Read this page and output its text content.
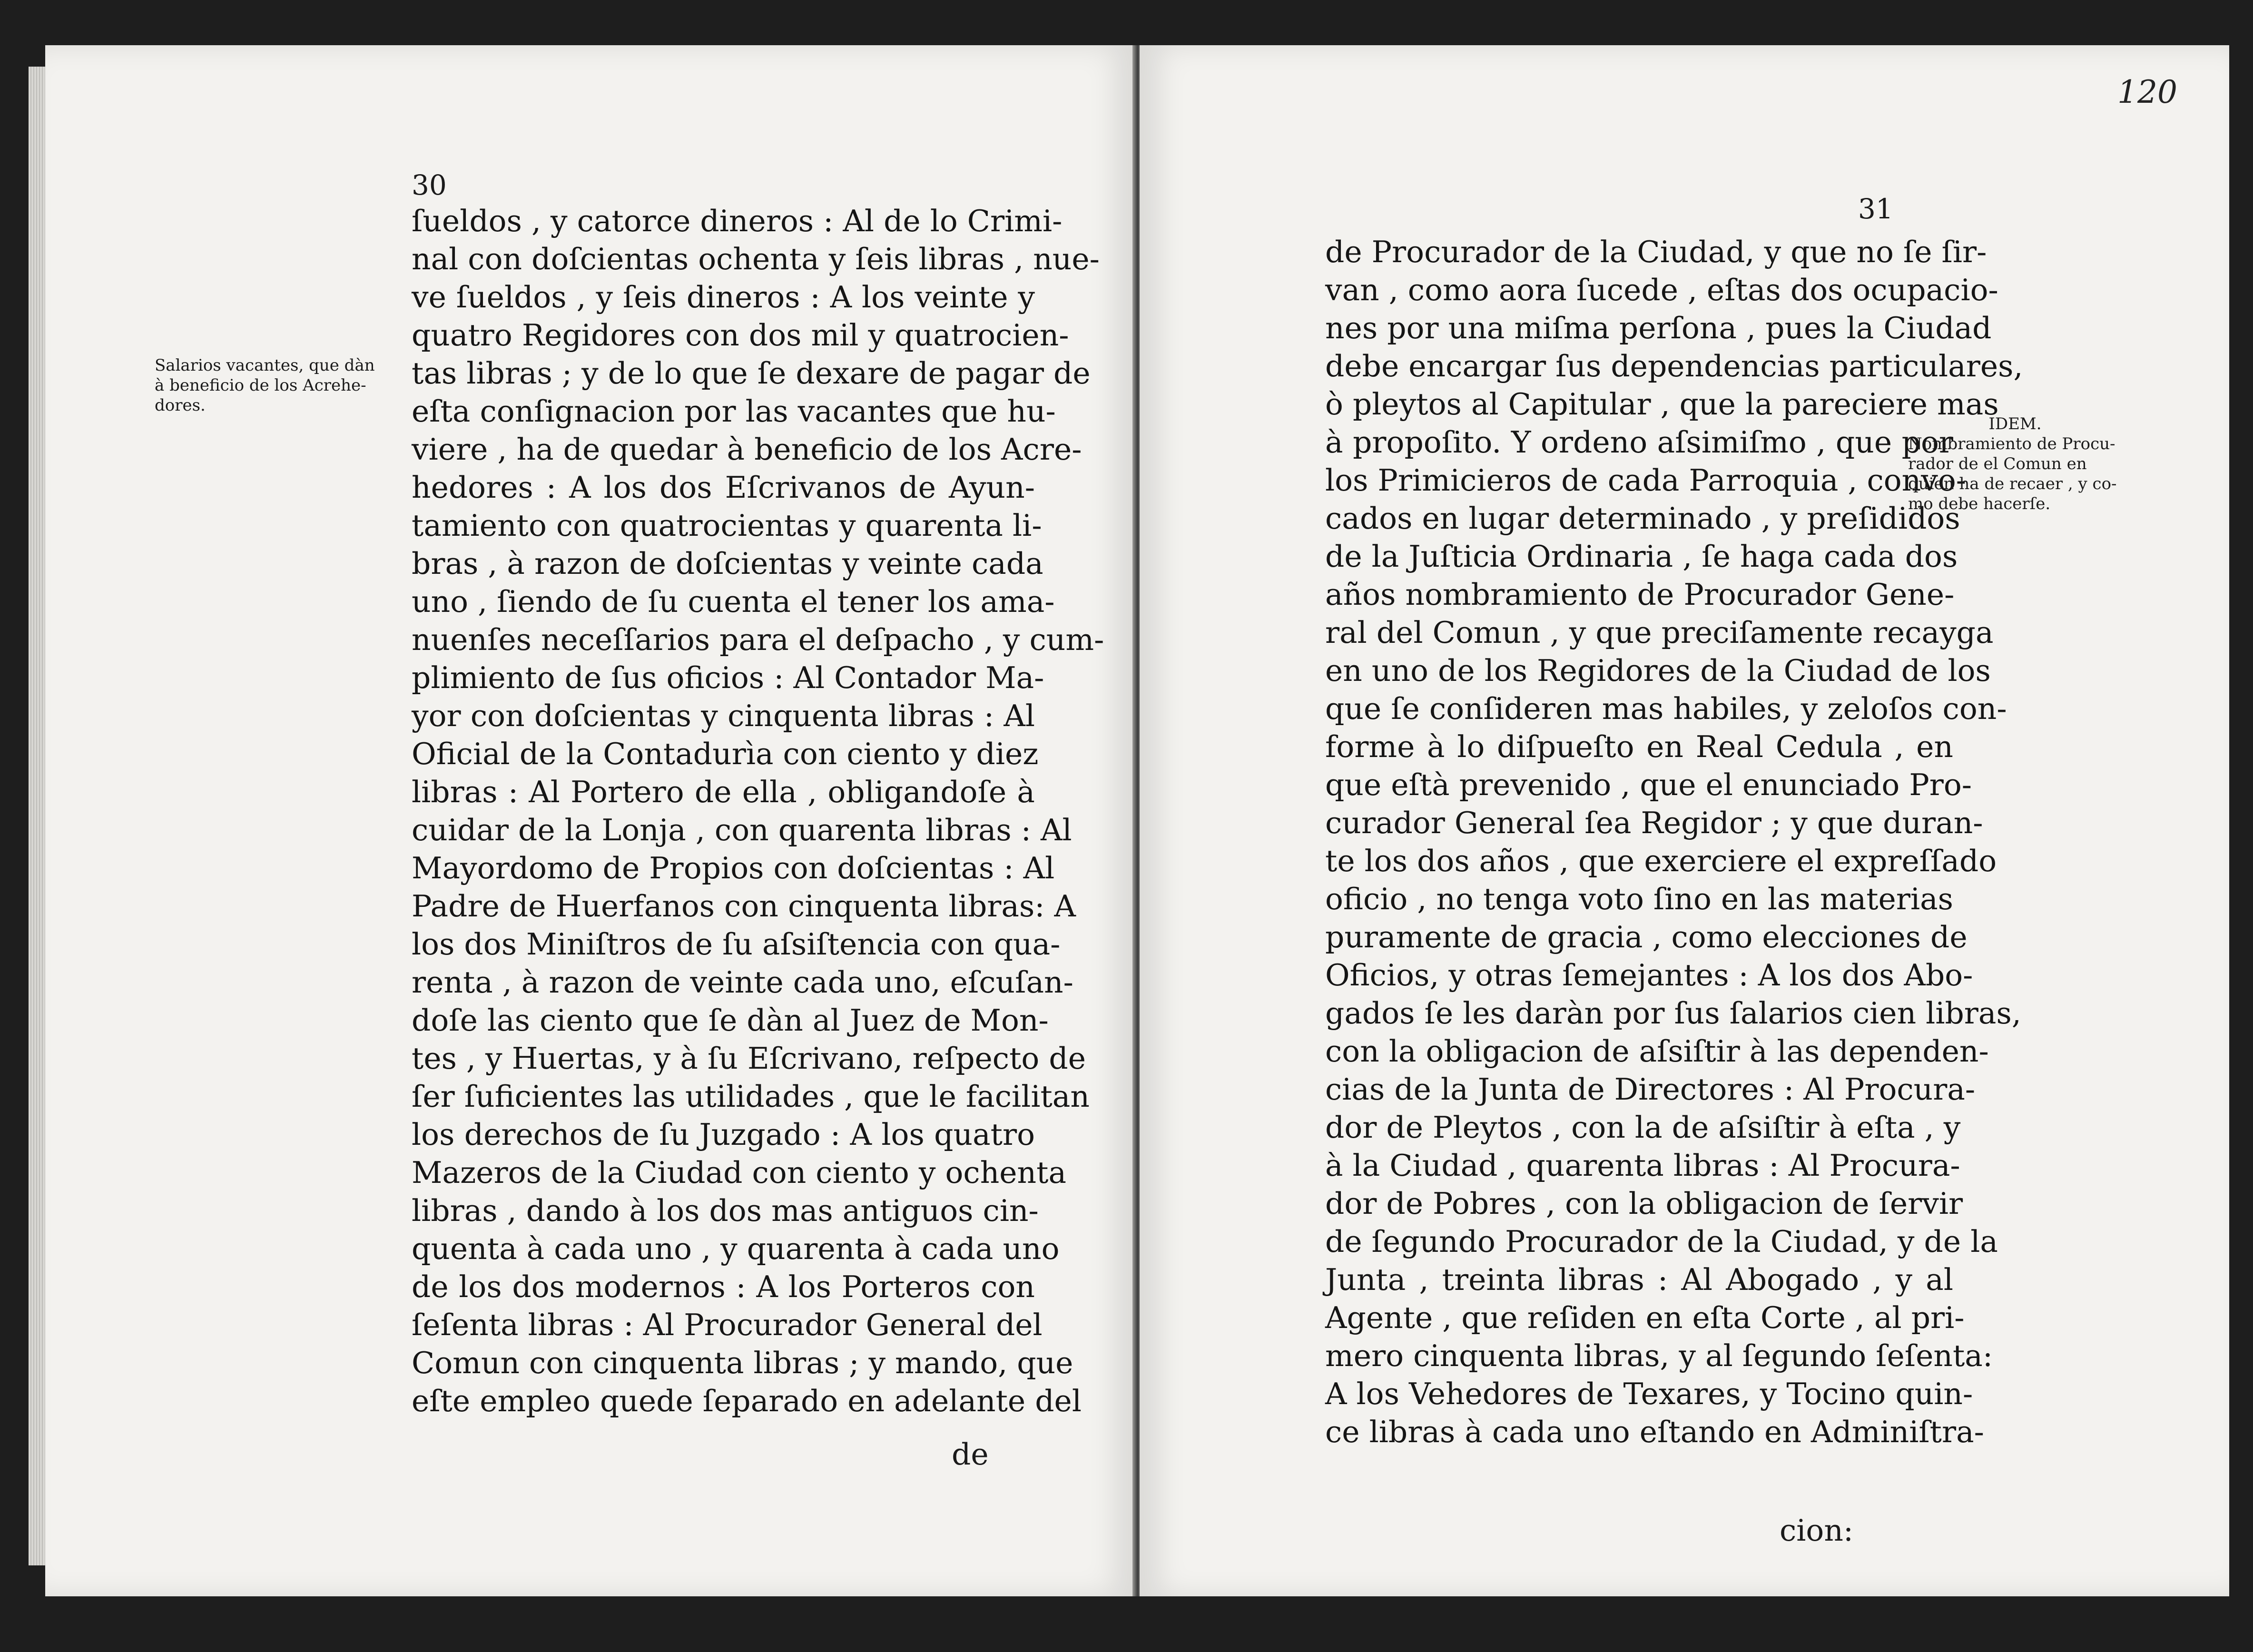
30
Salarios vacantes, que dàn
à beneficio de los Acrehe-
dores.
ſueldos , y catorce dineros : Al de lo Crimi-
nal con doſcientas ochenta y ſeis libras , nue-
ve ſueldos , y ſeis dineros : A los veinte y
quatro Regidores con dos mil y quatrocien-
tas libras ; y de lo que ſe dexare de pagar de
eſta conſignacion por las vacantes que hu-
viere , ha de quedar à beneficio de los Acre-
hedores : A los dos Eſcrivanos de Ayun-
tamiento con quatrocientas y quarenta li-
bras , à razon de doſcientas y veinte cada
uno , ſiendo de ſu cuenta el tener los ama-
nuenſes neceſſarios para el deſpacho , y cum-
plimiento de ſus oficios : Al Contador Ma-
yor con doſcientas y cinquenta libras : Al
Oficial de la Contadurìa con ciento y diez
libras : Al Portero de ella , obligandoſe à
cuidar de la Lonja , con quarenta libras : Al
Mayordomo de Propios con doſcientas : Al
Padre de Huerfanos con cinquenta libras: A
los dos Miniſtros de ſu aſsiſtencia con qua-
renta , à razon de veinte cada uno, eſcuſan-
doſe las ciento que ſe dàn al Juez de Mon-
tes , y Huertas, y à ſu Eſcrivano, reſpecto de
ſer ſuficientes las utilidades , que le facilitan
los derechos de ſu Juzgado : A los quatro
Mazeros de la Ciudad con ciento y ochenta
libras , dando à los dos mas antiguos cin-
quenta à cada uno , y quarenta à cada uno
de los dos modernos : A los Porteros con
ſeſenta libras : Al Procurador General del
Comun con cinquenta libras ; y mando, que
eſte empleo quede ſeparado en adelante del
de
120
31
de Procurador de la Ciudad, y que no ſe ſir-
van , como aora ſucede , eſtas dos ocupacio-
nes por una miſma perſona , pues la Ciudad
debe encargar ſus dependencias particulares,
ò pleytos al Capitular , que la pareciere mas
à propoſito. Y ordeno aſsimiſmo , que por
los Primicieros de cada Parroquia , convo-
cados en lugar determinado , y preſididos
de la Juſticia Ordinaria , ſe haga cada dos
años nombramiento de Procurador Gene-
ral del Comun , y que preciſamente recayga
en uno de los Regidores de la Ciudad de los
que ſe conſideren mas habiles, y zeloſos con-
forme à lo diſpueſto en Real Cedula , en
que eſtà prevenido , que el enunciado Pro-
curador General ſea Regidor ; y que duran-
te los dos años , que exerciere el expreſſado
oficio , no tenga voto ſino en las materias
puramente de gracia , como elecciones de
Oficios, y otras ſemejantes : A los dos Abo-
gados ſe les daràn por ſus ſalarios cien libras,
con la obligacion de aſsiſtir à las dependen-
cias de la Junta de Directores : Al Procura-
dor de Pleytos , con la de aſsiſtir à eſta , y
à la Ciudad , quarenta libras : Al Procura-
dor de Pobres , con la obligacion de ſervir
de ſegundo Procurador de la Ciudad, y de la
Junta , treinta libras : Al Abogado , y al
Agente , que reſiden en eſta Corte , al pri-
mero cinquenta libras, y al ſegundo ſeſenta:
A los Vehedores de Texares, y Tocino quin-
ce libras à cada uno eſtando en Adminiſtra-
IDEM.
Nombramiento de Procu-
rador de el Comun en
quien ha de recaer , y co-
mo debe hacerſe.
cion:
